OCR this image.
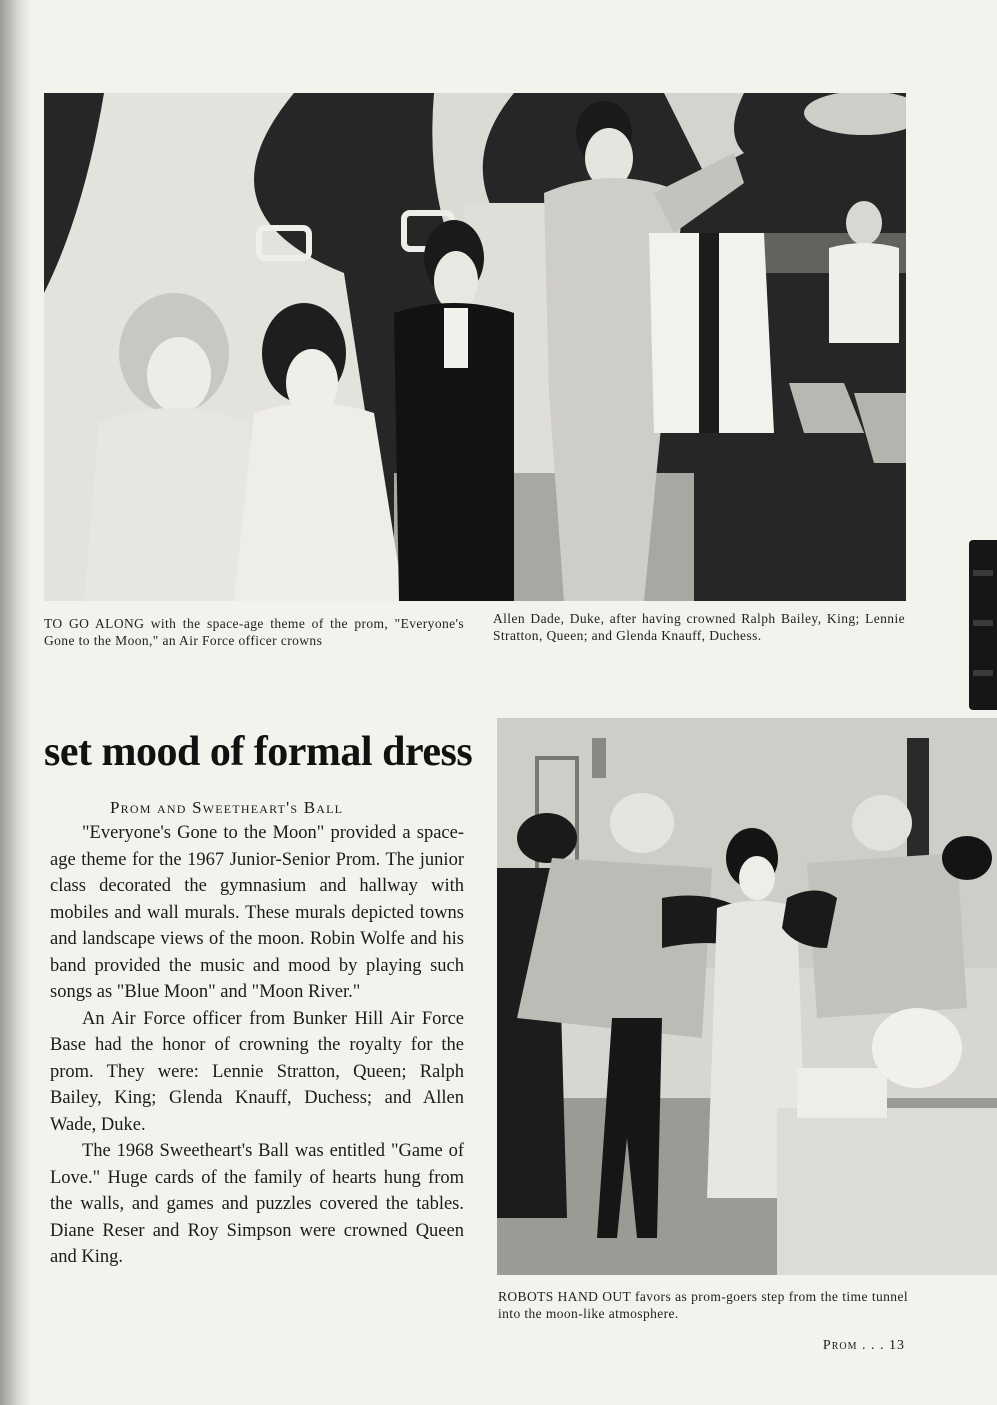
TO GO ALONG with the space-age theme of the prom, "Everyone's Gone to the Moon," an Air Force officer crowns
Allen Dade, Duke, after having crowned Ralph Bailey, King; Lennie Stratton, Queen; and Glenda Knauff, Duchess.
set mood of formal dress
Prom and Sweetheart's Ball

"Everyone's Gone to the Moon" provided a space-age theme for the 1967 Junior-Senior Prom. The junior class decorated the gymnasium and hallway with mobiles and wall murals. These murals depicted towns and landscape views of the moon. Robin Wolfe and his band provided the music and mood by playing such songs as "Blue Moon" and "Moon River."

An Air Force officer from Bunker Hill Air Force Base had the honor of crowning the royalty for the prom. They were: Lennie Stratton, Queen; Ralph Bailey, King; Glenda Knauff, Duchess; and Allen Wade, Duke.

The 1968 Sweetheart's Ball was entitled "Game of Love." Huge cards of the family of hearts hung from the walls, and games and puzzles covered the tables. Diane Reser and Roy Simpson were crowned Queen and King.

ROBOTS HAND OUT favors as prom-goers step from the time tunnel into the moon-like atmosphere.
Prom . . . 13
